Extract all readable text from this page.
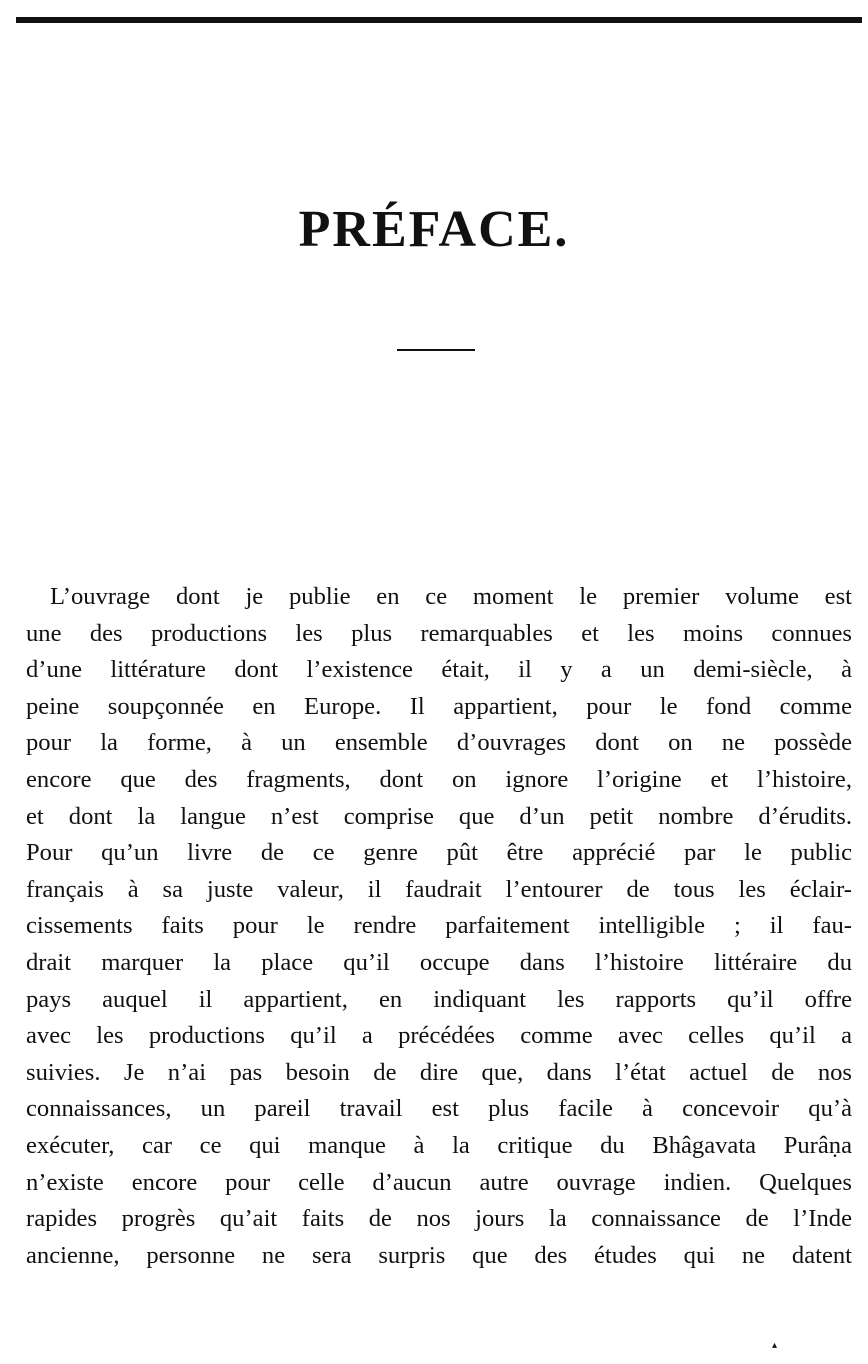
PRÉFACE.
L’ouvrage dont je publie en ce moment le premier volume est
une des productions les plus remarquables et les moins connues
d’une littérature dont l’existence était, il y a un demi-siècle, à
peine soupçonnée en Europe. Il appartient, pour le fond comme
pour la forme, à un ensemble d’ouvrages dont on ne possède
encore que des fragments, dont on ignore l’origine et l’histoire,
et dont la langue n’est comprise que d’un petit nombre d’érudits.
Pour qu’un livre de ce genre pût être apprécié par le public
français à sa juste valeur, il faudrait l’entourer de tous les éclair-
cissements faits pour le rendre parfaitement intelligible ; il fau-
drait marquer la place qu’il occupe dans l’histoire littéraire du
pays auquel il appartient, en indiquant les rapports qu’il offre
avec les productions qu’il a précédées comme avec celles qu’il a
suivies. Je n’ai pas besoin de dire que, dans l’état actuel de nos
connaissances, un pareil travail est plus facile à concevoir qu’à
exécuter, car ce qui manque à la critique du Bhâgavata Purâṇa
n’existe encore pour celle d’aucun autre ouvrage indien. Quelques
rapides progrès qu’ait faits de nos jours la connaissance de l’Inde
ancienne, personne ne sera surpris que des études qui ne datent
▴
